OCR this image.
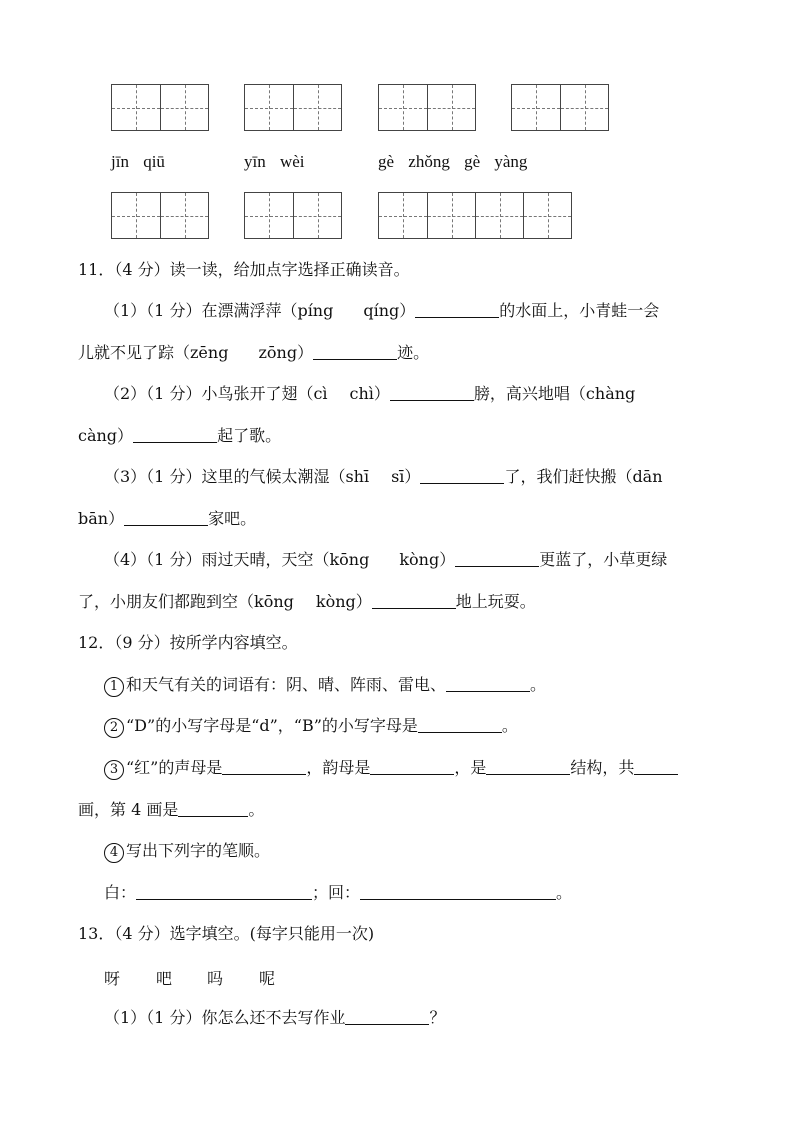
jīn qiū	yīn wèi	gè zhǒng gè yàng
11．（4 分）读一读，给加点字选择正确读音。
（1）（1 分）在漂满浮萍（píng qíng）	的水面上，小青蛙一会
儿就不见了踪（zēng zōng）	迹。
（2）（1 分）小鸟张开了翅（cì chì）	膀，高兴地唱（chàng
càng）	起了歌。
（3）（1 分）这里的气候太潮湿（shī sī）	了，我们赶快搬（dān
bān）	家吧。
（4）（1 分）雨过天晴，天空（kōng kòng）	更蓝了，小草更绿
了，小朋友们都跑到空（kōng kòng）	地上玩耍。
12．（9 分）按所学内容填空。
1 和天气有关的词语有：阴、晴、阵雨、雷电、	。
2 “D”的小写字母是“d”，“B”的小写字母是	。
3 “红”的声母是	，韵母是	，是	结构，共
画，第 4 画是	。
4 写出下列字的笔顺。
白：	；回：	。
13．（4 分）选字填空。(每字只能用一次)
呀 吧 吗 呢
（1）（1 分）你怎么还不去写作业	？
